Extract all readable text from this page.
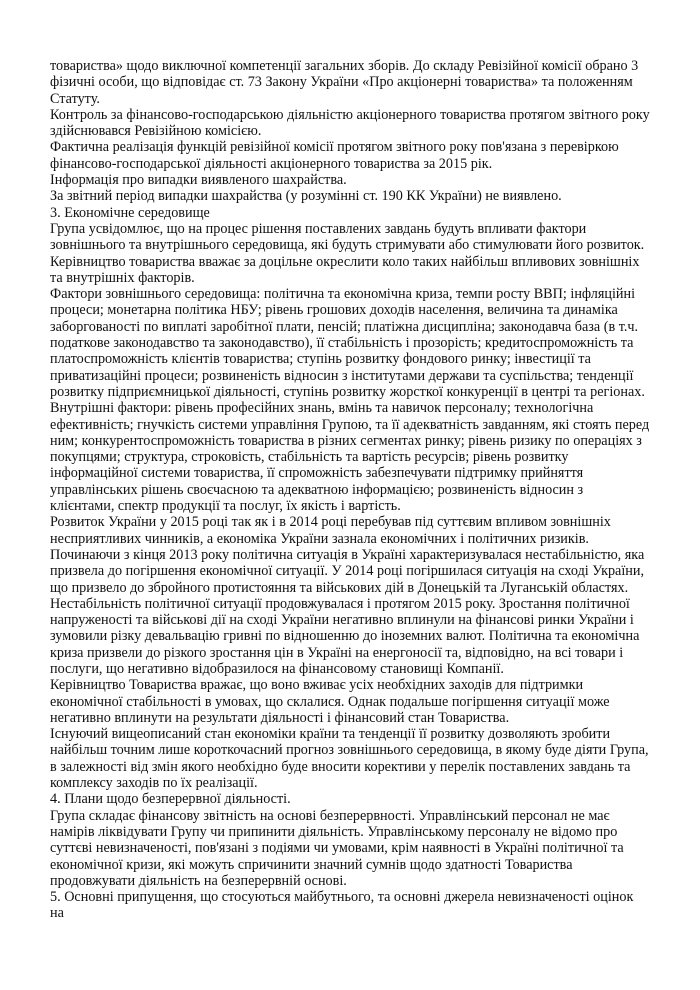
товариства» щодо виключної компетенції загальних зборів. До складу Ревізійної комісії обрано 3 фізичні особи, що відповідає ст. 73 Закону України «Про акціонерні товариства» та положенням Статуту.

Контроль за фінансово-господарською діяльністю акціонерного товариства протягом звітного року здійснювався Ревізійною комісією.

Фактична реалізація функцій ревізійної комісії протягом звітного року пов'язана з перевіркою фінансово-господарської діяльності акціонерного товариства за 2015 рік.

Інформація про випадки виявленого шахрайства.

За звітний період випадки шахрайства (у розумінні ст. 190 КК України) не виявлено.

3. Економічне середовище

Група усвідомлює, що на процес рішення поставлених завдань будуть впливати фактори зовнішнього та внутрішнього середовища, які будуть стримувати або стимулювати його розвиток. Керівництво товариства вважає за доцільне окреслити коло таких найбільш впливових зовнішніх та внутрішніх факторів.

Фактори зовнішнього середовища: політична та економічна криза, темпи росту ВВП; інфляційні процеси; монетарна політика НБУ; рівень грошових доходів населення, величина та динаміка заборгованості по виплаті заробітної плати, пенсій; платіжна дисципліна; законодавча база (в т.ч. податкове законодавство та законодавство), її стабільність і прозорість; кредитоспроможність та платоспроможність клієнтів товариства; ступінь розвитку фондового ринку; інвестиції та приватизаційні процеси; розвиненість відносин з інститутами держави та суспільства; тенденції розвитку підприємницької діяльності, ступінь розвитку жорсткої конкуренції в центрі та регіонах.

Внутрішні фактори: рівень професійних знань, вмінь та навичок персоналу; технологічна ефективність; гнучкість системи управління Групою, та її адекватність завданням, які стоять перед ним; конкурентоспроможність товариства в різних сегментах ринку; рівень ризику по операціях з покупцями; структура, строковість, стабільність та вартість ресурсів; рівень розвитку інформаційної системи товариства, її спроможність забезпечувати підтримку прийняття управлінських рішень своєчасною та адекватною інформацією; розвиненість відносин з клієнтами, спектр продукції та послуг, їх якість і вартість.

Розвиток України у 2015 році так як і в 2014 році перебував під суттєвим впливом зовнішніх несприятливих чинників, а економіка України зазнала економічних і політичних ризиків.

Починаючи з кінця 2013 року політична ситуація в Україні характеризувалася нестабільністю, яка призвела до погіршення економічної ситуації. У 2014 році погіршилася ситуація на сході України, що призвело до збройного протистояння та військових дій в Донецькій та Луганській областях. Нестабільність політичної ситуації продовжувалася і протягом 2015 року. Зростання політичної напруженості та військові дії на сході України негативно вплинули на фінансові ринки України і зумовили різку девальвацію гривні по відношенню до іноземних валют. Політична та економічна криза призвели до різкого зростання цін в Україні на енергоносії та, відповідно, на всі товари і послуги, що негативно відобразилося на фінансовому становищі Компанії.

Керівництво Товариства вражає, що воно вживає усіх необхідних заходів для підтримки економічної стабільності в умовах, що склалися. Однак подальше погіршення ситуації може негативно вплинути на результати діяльності і фінансовий стан Товариства.

Існуючий вищеописаний стан економіки країни та тенденції її розвитку дозволяють зробити найбільш точним лише короткочасний прогноз зовнішнього середовища, в якому буде діяти Група, в залежності від змін якого необхідно буде вносити корективи у перелік поставлених завдань та комплексу заходів по їх реалізації.

4. Плани щодо безперервної діяльності.

Група складає фінансову звітність на основі безперервності. Управлінський персонал не має намірів ліквідувати Групу чи припинити діяльність. Управлінському персоналу не відомо про суттєві невизначеності, пов'язані з подіями чи умовами, крім наявності в Україні політичної та економічної кризи, які можуть спричинити значний сумнів щодо здатності Товариства продовжувати діяльність на безперервній основі.

5. Основні припущення, що стосуються майбутнього, та основні джерела невизначеності оцінок на
